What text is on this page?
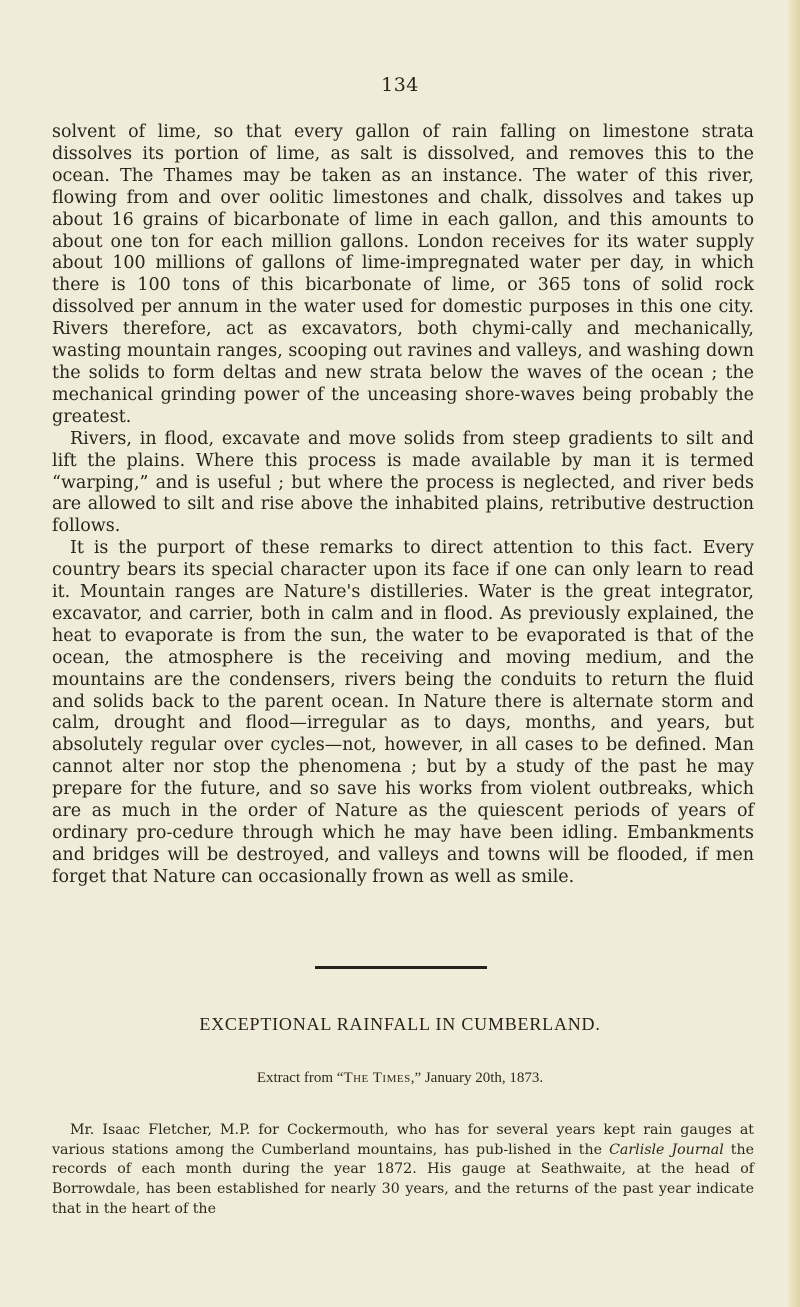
134

solvent of lime, so that every gallon of rain falling on limestone strata dissolves its portion of lime, as salt is dissolved, and removes this to the ocean. The Thames may be taken as an instance. The water of this river, flowing from and over oolitic limestones and chalk, dissolves and takes up about 16 grains of bicarbonate of lime in each gallon, and this amounts to about one ton for each million gallons. London receives for its water supply about 100 millions of gallons of lime-impregnated water per day, in which there is 100 tons of this bicarbonate of lime, or 365 tons of solid rock dissolved per annum in the water used for domestic purposes in this one city. Rivers therefore, act as excavators, both chymi-cally and mechanically, wasting mountain ranges, scooping out ravines and valleys, and washing down the solids to form deltas and new strata below the waves of the ocean ; the mechanical grinding power of the unceasing shore-waves being probably the greatest.

Rivers, in flood, excavate and move solids from steep gradients to silt and lift the plains. Where this process is made available by man it is termed “warping,” and is useful ; but where the process is neglected, and river beds are allowed to silt and rise above the inhabited plains, retributive destruction follows.

It is the purport of these remarks to direct attention to this fact. Every country bears its special character upon its face if one can only learn to read it. Mountain ranges are Nature's distilleries. Water is the great integrator, excavator, and carrier, both in calm and in flood. As previously explained, the heat to evaporate is from the sun, the water to be evaporated is that of the ocean, the atmosphere is the receiving and moving medium, and the mountains are the condensers, rivers being the conduits to return the fluid and solids back to the parent ocean. In Nature there is alternate storm and calm, drought and flood—irregular as to days, months, and years, but absolutely regular over cycles—not, however, in all cases to be defined. Man cannot alter nor stop the phenomena ; but by a study of the past he may prepare for the future, and so save his works from violent outbreaks, which are as much in the order of Nature as the quiescent periods of years of ordinary pro-cedure through which he may have been idling. Embankments and bridges will be destroyed, and valleys and towns will be flooded, if men forget that Nature can occasionally frown as well as smile.

EXCEPTIONAL RAINFALL IN CUMBERLAND.
Extract from “The Times,” January 20th, 1873.

Mr. Isaac Fletcher, M.P. for Cockermouth, who has for several years kept rain gauges at various stations among the Cumberland mountains, has pub-lished in the Carlisle Journal the records of each month during the year 1872. His gauge at Seathwaite, at the head of Borrowdale, has been established for nearly 30 years, and the returns of the past year indicate that in the heart of the
